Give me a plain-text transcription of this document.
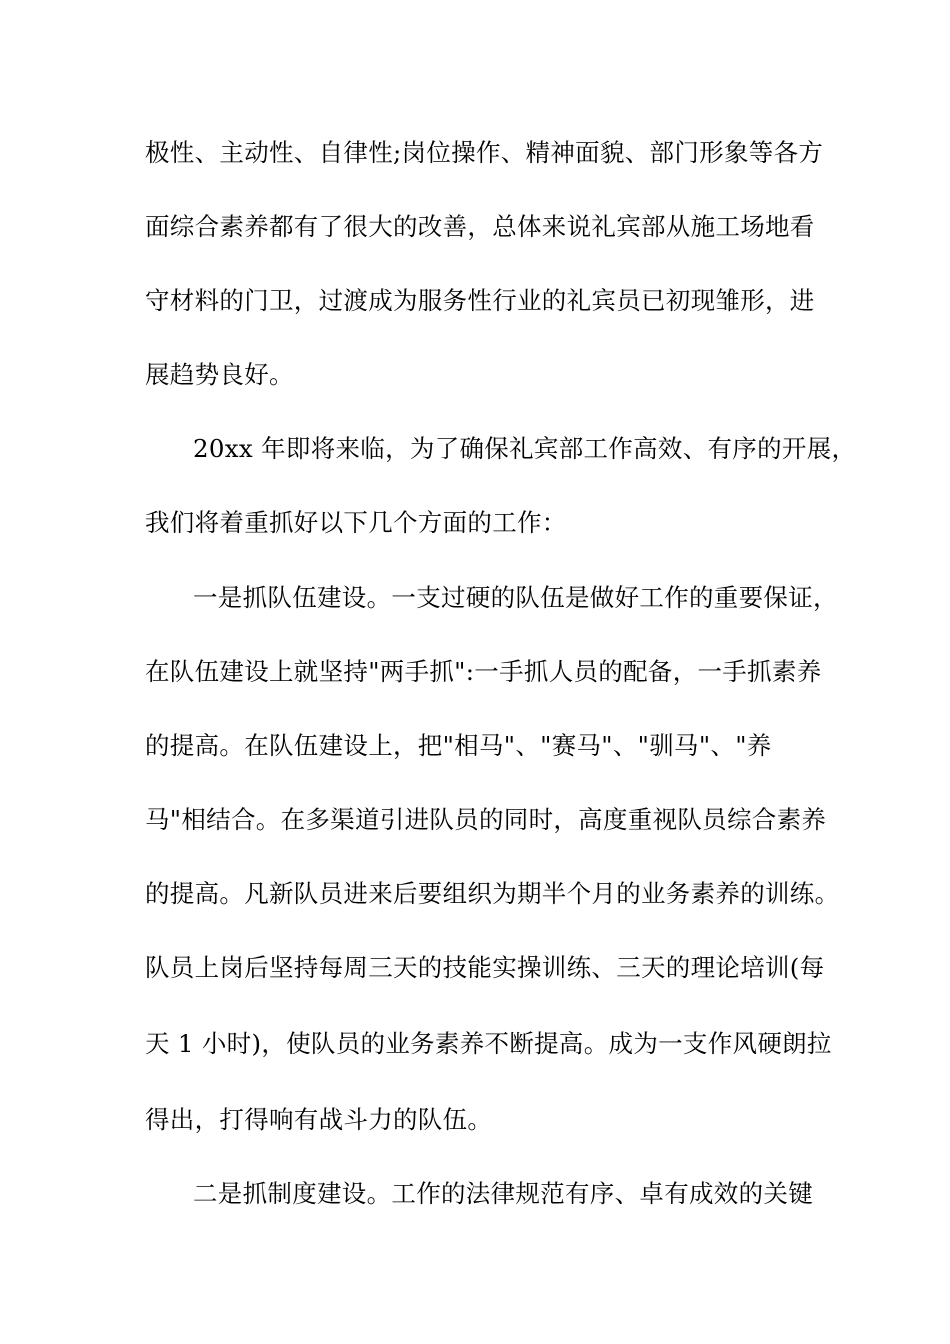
极性、主动性、自律性;岗位操作、精神面貌、部门形象等各方
面综合素养都有了很大的改善，总体来说礼宾部从施工场地看
守材料的门卫，过渡成为服务性行业的礼宾员已初现雏形，进
展趋势良好。
20xx 年即将来临，为了确保礼宾部工作高效、有序的开展，
我们将着重抓好以下几个方面的工作：
一是抓队伍建设。一支过硬的队伍是做好工作的重要保证，
在队伍建设上就坚持"两手抓":一手抓人员的配备，一手抓素养
的提高。在队伍建设上，把"相马"、"赛马"、"驯马"、"养
马"相结合。在多渠道引进队员的同时，高度重视队员综合素养
的提高。凡新队员进来后要组织为期半个月的业务素养的训练。
队员上岗后坚持每周三天的技能实操训练、三天的理论培训(每
天 1 小时)，使队员的业务素养不断提高。成为一支作风硬朗拉
得出，打得响有战斗力的队伍。
二是抓制度建设。工作的法律规范有序、卓有成效的关键
